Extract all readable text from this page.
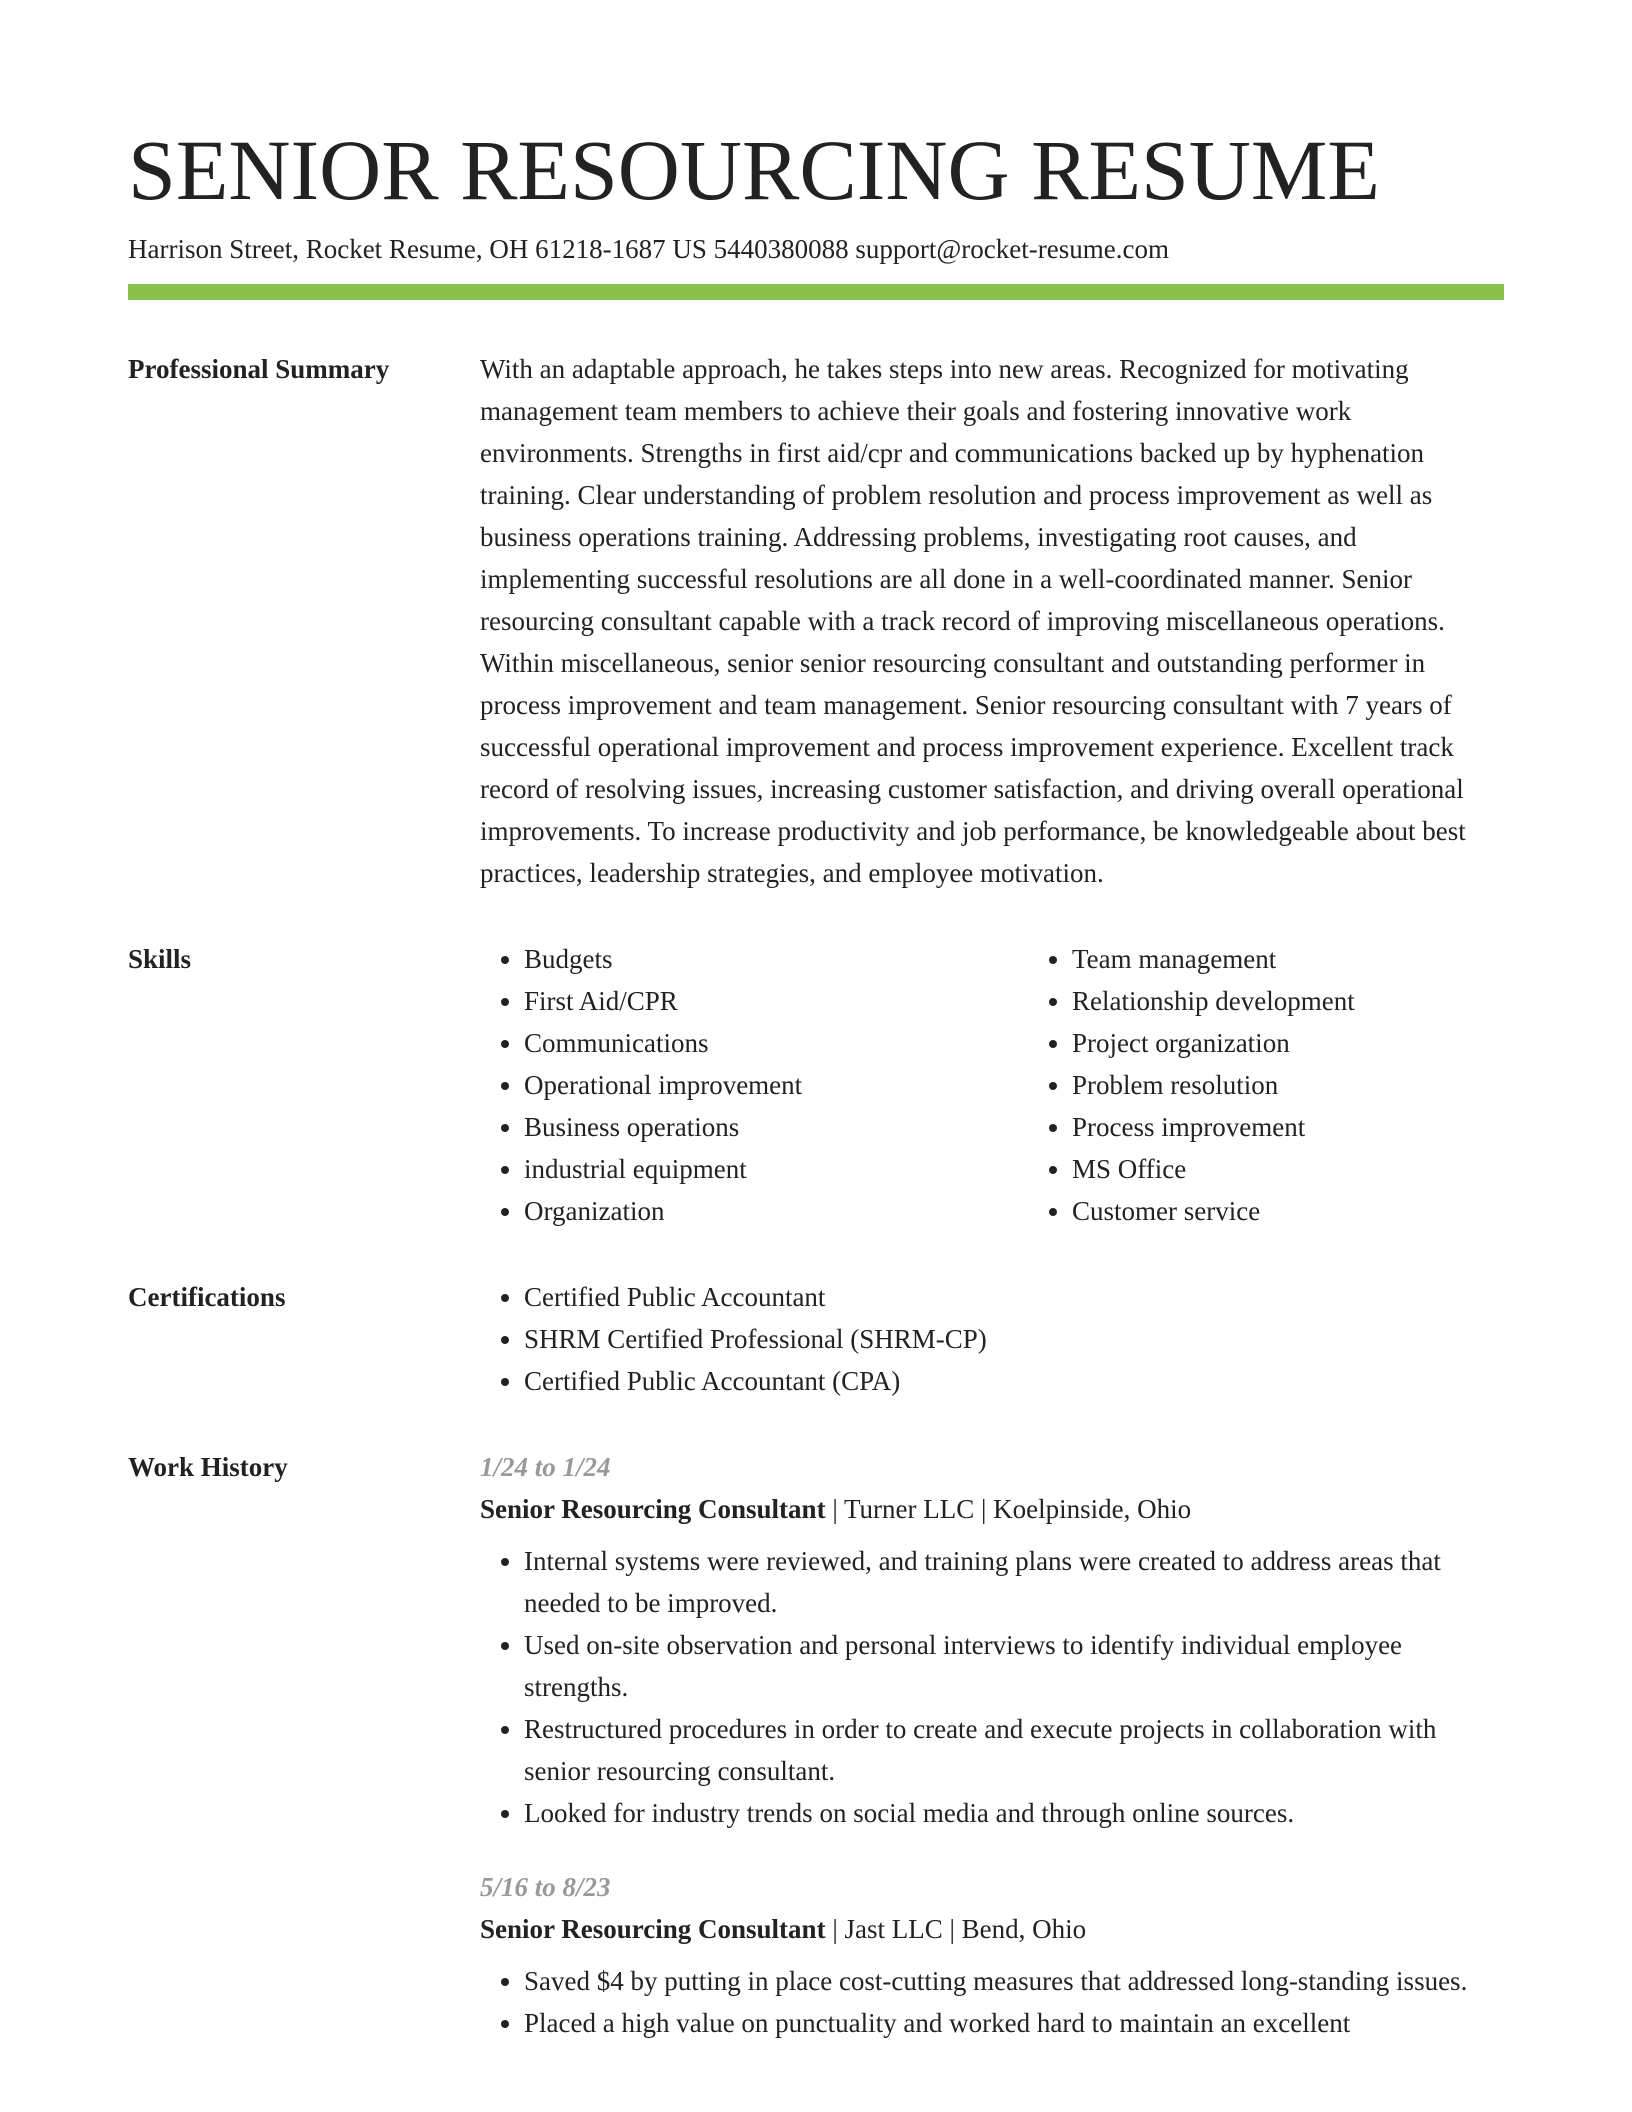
SENIOR RESOURCING RESUME
Harrison Street, Rocket Resume, OH 61218-1687 US 5440380088 support@rocket-resume.com
Professional Summary	With an adaptable approach, he takes steps into new areas. Recognized for motivating management team members to achieve their goals and fostering innovative work environments. Strengths in first aid/cpr and communications backed up by hyphenation training. Clear understanding of problem resolution and process improvement as well as business operations training. Addressing problems, investigating root causes, and implementing successful resolutions are all done in a well-coordinated manner. Senior resourcing consultant capable with a track record of improving miscellaneous operations. Within miscellaneous, senior senior resourcing consultant and outstanding performer in process improvement and team management. Senior resourcing consultant with 7 years of successful operational improvement and process improvement experience. Excellent track record of resolving issues, increasing customer satisfaction, and driving overall operational improvements. To increase productivity and job performance, be knowledgeable about best practices, leadership strategies, and employee motivation.

Skills	• Budgets
• First Aid/CPR
• Communications
• Operational improvement
• Business operations
• industrial equipment
• Organization
• Team management
• Relationship development
• Project organization
• Problem resolution
• Process improvement
• MS Office
• Customer service
Certifications	• Certified Public Accountant
• SHRM Certified Professional (SHRM-CP)
• Certified Public Accountant (CPA)
Work History	1/24 to 1/24
Senior Resourcing Consultant | Turner LLC | Koelpinside, Ohio
• Internal systems were reviewed, and training plans were created to address areas that needed to be improved.
• Used on-site observation and personal interviews to identify individual employee strengths.
• Restructured procedures in order to create and execute projects in collaboration with senior resourcing consultant.
• Looked for industry trends on social media and through online sources.
5/16 to 8/23
Senior Resourcing Consultant | Jast LLC | Bend, Ohio
• Saved $4 by putting in place cost-cutting measures that addressed long-standing issues.
• Placed a high value on punctuality and worked hard to maintain an excellent
